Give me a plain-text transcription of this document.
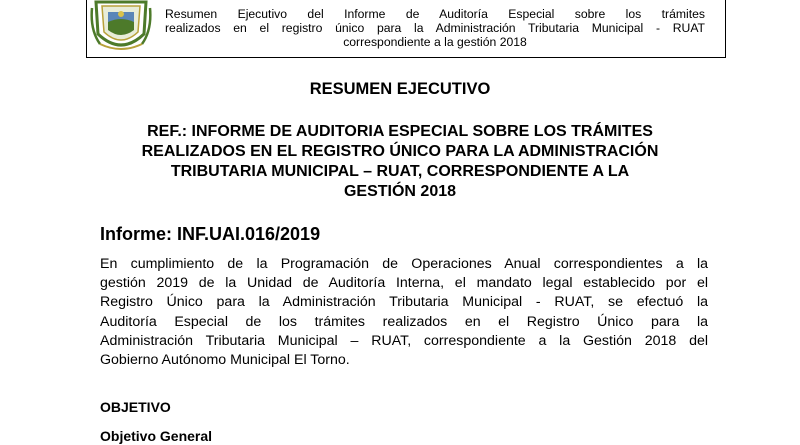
Resumen Ejecutivo del Informe de Auditoría Especial sobre los trámites
realizados en el registro único para la Administración Tributaria Municipal - RUAT
correspondiente a la gestión 2018
RESUMEN EJECUTIVO
REF.: INFORME DE AUDITORIA ESPECIAL SOBRE LOS TRÁMITES
REALIZADOS EN EL REGISTRO ÚNICO PARA LA ADMINISTRACIÓN
TRIBUTARIA MUNICIPAL – RUAT, CORRESPONDIENTE A LA
GESTIÓN 2018
Informe: INF.UAI.016/2019
En cumplimiento de la Programación de Operaciones Anual correspondientes a la
gestión 2019 de la Unidad de Auditoría Interna, el mandato legal establecido por el
Registro Único para la Administración Tributaria Municipal - RUAT, se efectuó la
Auditoría Especial de los trámites realizados en el Registro Único para la
Administración Tributaria Municipal – RUAT, correspondiente a la Gestión 2018 del
Gobierno Autónomo Municipal El Torno.
OBJETIVO
Objetivo General
